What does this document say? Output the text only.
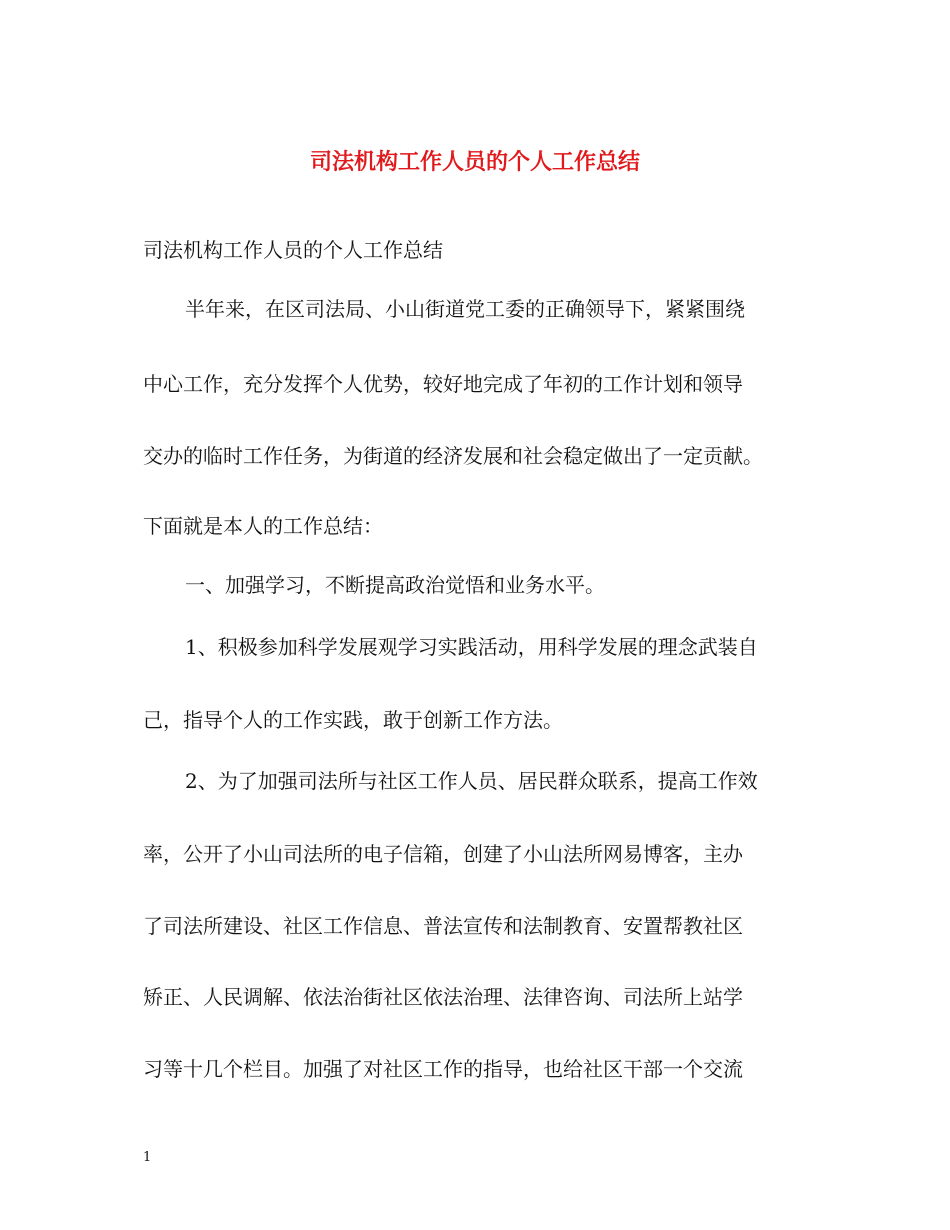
司法机构工作人员的个人工作总结
司法机构工作人员的个人工作总结
半年来，在区司法局、小山街道党工委的正确领导下，紧紧围绕
中心工作，充分发挥个人优势，较好地完成了年初的工作计划和领导
交办的临时工作任务，为街道的经济发展和社会稳定做出了一定贡献。
下面就是本人的工作总结：
一、加强学习，不断提高政治觉悟和业务水平。
1、积极参加科学发展观学习实践活动，用科学发展的理念武装自
己，指导个人的工作实践，敢于创新工作方法。
2、为了加强司法所与社区工作人员、居民群众联系，提高工作效
率，公开了小山司法所的电子信箱，创建了小山法所网易博客，主办
了司法所建设、社区工作信息、普法宣传和法制教育、安置帮教社区
矫正、人民调解、依法治街社区依法治理、法律咨询、司法所上站学
习等十几个栏目。加强了对社区工作的指导，也给社区干部一个交流
1
